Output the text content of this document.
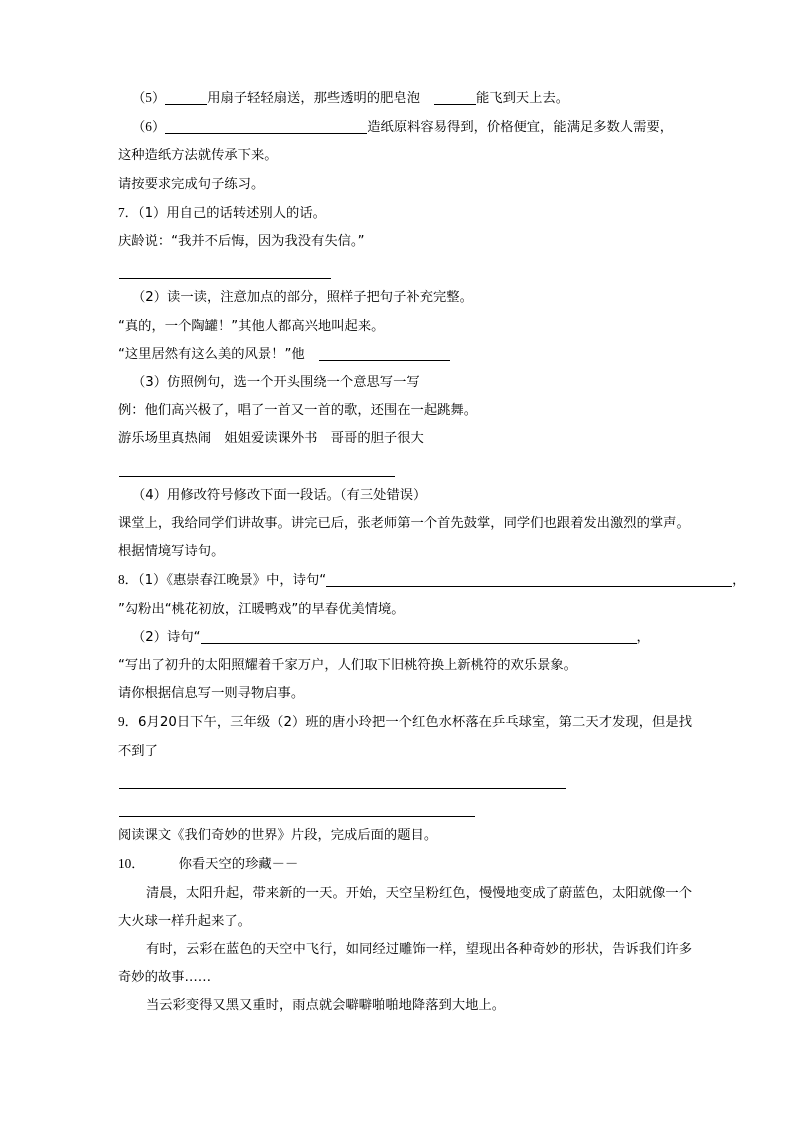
（5）	用扇子轻轻扇送，那些透明的肥皂泡	能飞到天上去。
（6）	造纸原料容易得到，价格便宜，能满足多数人需要，
这种造纸方法就传承下来。
请按要求完成句子练习。
7．（1）用自己的话转述别人的话。
庆龄说：“我并不后悔，因为我没有失信。”
（2）读一读，注意加点的部分，照样子把句子补充完整。
“真的，一个陶罐！”其他人都高兴地叫起来。
“这里居然有这么美的风景！”他
（3）仿照例句，选一个开头围绕一个意思写一写
例：他们高兴极了，唱了一首又一首的歌，还围在一起跳舞。
游乐场里真热闹　姐姐爱读课外书　哥哥的胆子很大
（4）用修改符号修改下面一段话。（有三处错误）
课堂上，我给同学们讲故事。讲完已后，张老师第一个首先鼓掌，同学们也跟着发出激烈的掌声。
根据情境写诗句。
8．（1）《惠崇春江晚景》中，诗句“	，
”勾粉出“桃花初放，江暖鸭戏”的早春优美情境。
（2）诗句“	，
“写出了初升的太阳照耀着千家万户，人们取下旧桃符换上新桃符的欢乐景象。
请你根据信息写一则寻物启事。
9．6月20日下午，三年级（2）班的唐小玲把一个红色水杯落在乒乓球室，第二天才发现，但是找不到了
阅读课文《我们奇妙的世界》片段，完成后面的题目。
10．	你看天空的珍藏－－
清晨，太阳升起，带来新的一天。开始，天空呈粉红色，慢慢地变成了蔚蓝色，太阳就像一个大火球一样升起来了。
有时，云彩在蓝色的天空中飞行，如同经过雕饰一样，望现出各种奇妙的形状，告诉我们许多奇妙的故事……
当云彩变得又黑又重时，雨点就会噼噼啪啪地降落到大地上。
